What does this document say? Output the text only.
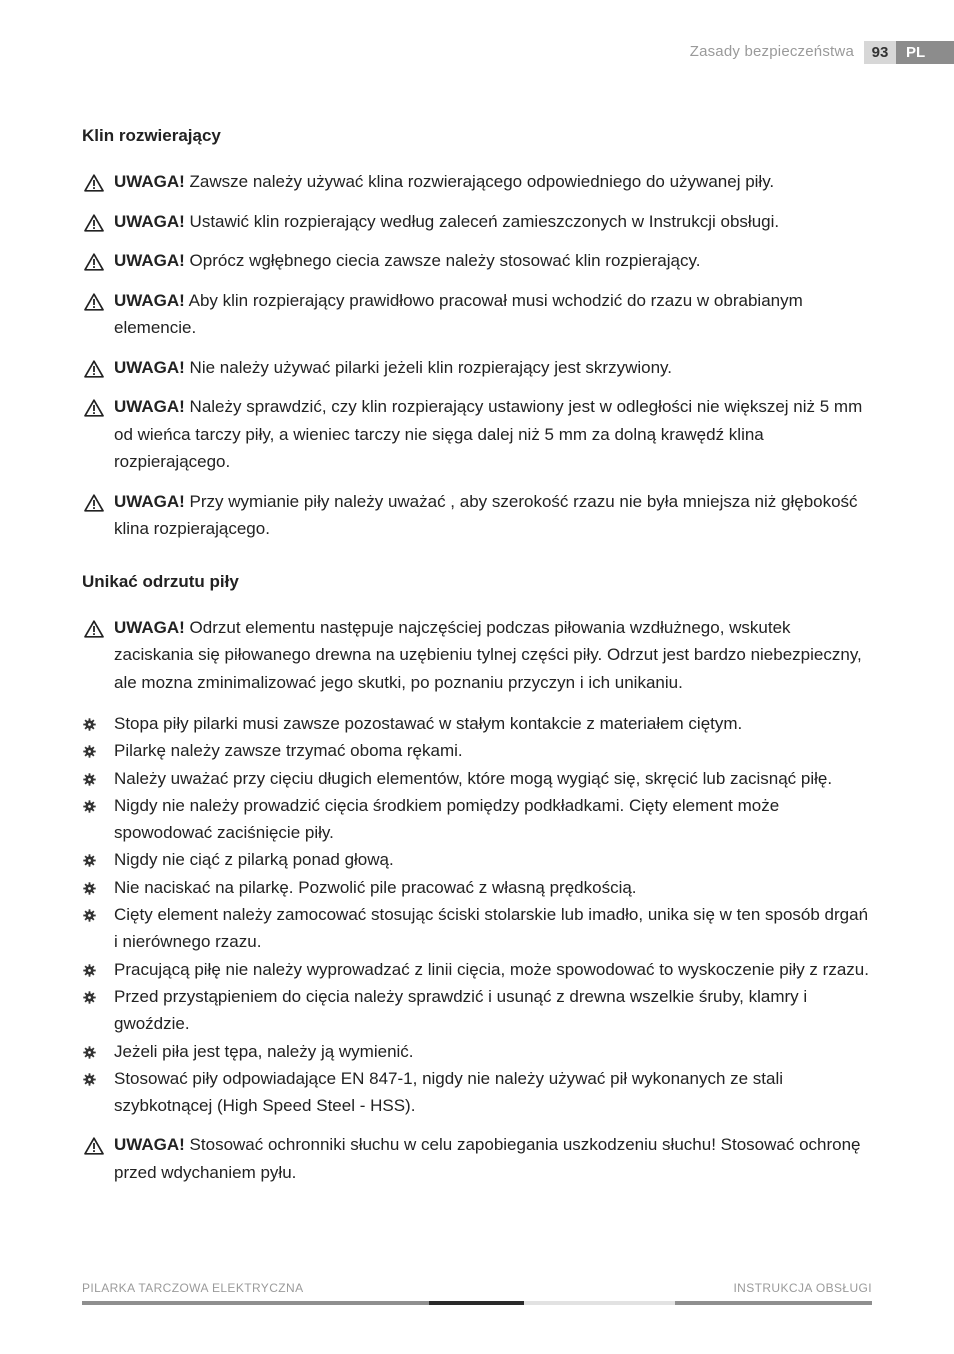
Zasady bezpieczeństwa	93	PL
Klin rozwierający
UWAGA! Zawsze należy używać klina rozwierającego odpowiedniego do używanej piły.
UWAGA! Ustawić klin rozpierający według zaleceń zamieszczonych w Instrukcji obsługi.
UWAGA! Oprócz wgłębnego ciecia zawsze należy stosować klin rozpierający.
UWAGA! Aby klin rozpierający prawidłowo pracował musi wchodzić do rzazu w obrabianym elemencie.
UWAGA! Nie należy używać pilarki jeżeli klin rozpierający jest skrzywiony.
UWAGA! Należy sprawdzić, czy klin rozpierający ustawiony jest w odległości nie większej niż 5 mm od wieńca tarczy piły, a wieniec tarczy nie sięga dalej niż 5 mm za dolną krawędź klina rozpierającego.
UWAGA! Przy wymianie piły należy uważać , aby szerokość rzazu nie była mniejsza niż głębokość klina rozpierającego.
Unikać odrzutu piły
UWAGA! Odrzut elementu następuje najczęściej podczas piłowania wzdłużnego, wskutek zaciskania się piłowanego drewna na uzębieniu tylnej części piły. Odrzut jest bardzo niebezpieczny, ale mozna zminimalizować jego skutki, po poznaniu przyczyn i ich unikaniu.
Stopa piły pilarki musi zawsze pozostawać w stałym kontakcie z materiałem ciętym.
Pilarkę należy zawsze trzymać oboma rękami.
Należy uważać przy cięciu długich elementów, które mogą wygiąć się, skręcić lub zacisnąć piłę.
Nigdy nie należy prowadzić cięcia środkiem pomiędzy podkładkami. Cięty element może spowodować zaciśnięcie piły.
Nigdy nie ciąć z pilarką ponad głową.
Nie naciskać na pilarkę. Pozwolić pile pracować z własną prędkością.
Cięty element należy zamocować stosując ściski stolarskie lub imadło, unika się w ten sposób drgań i nierównego rzazu.
Pracującą piłę nie należy wyprowadzać z linii cięcia, może spowodować to wyskoczenie piły z rzazu.
Przed przystąpieniem do cięcia należy sprawdzić i usunąć z drewna wszelkie śruby, klamry i gwoździe.
Jeżeli piła jest tępa, należy ją wymienić.
Stosować piły odpowiadające EN 847-1, nigdy nie należy używać pił wykonanych ze stali szybkotnącej (High Speed Steel - HSS).
UWAGA! Stosować ochronniki słuchu w celu zapobiegania uszkodzeniu słuchu! Stosować ochronę przed wdychaniem pyłu.
PILARKA TARCZOWA ELEKTRYCZNA	INSTRUKCJA OBSŁUGI
